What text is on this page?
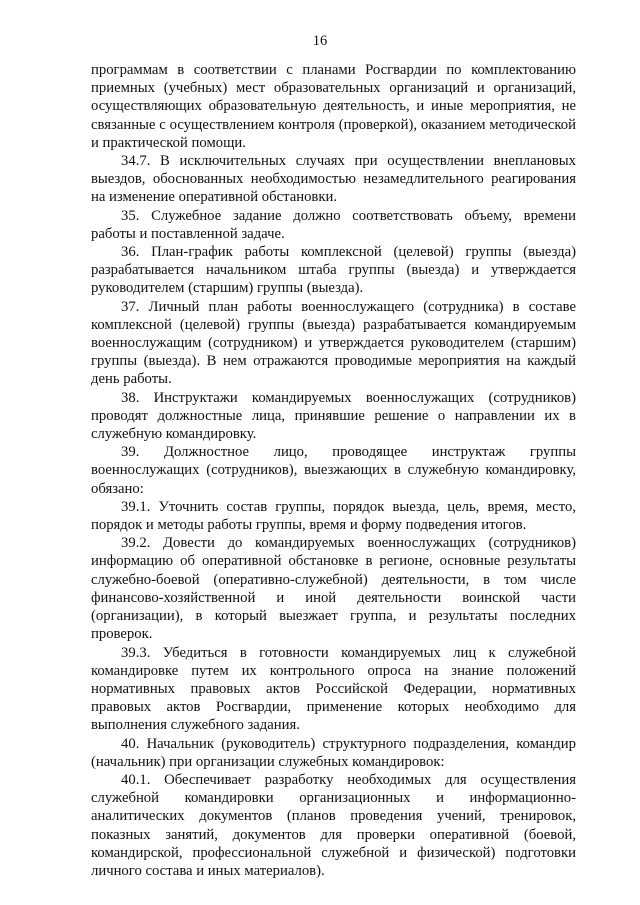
16

программам в соответствии с планами Росгвардии по комплектованию приемных (учебных) мест образовательных организаций и организаций, осуществляющих образовательную деятельность, и иные мероприятия, не связанные с осуществлением контроля (проверкой), оказанием методической и практической помощи.

34.7. В исключительных случаях при осуществлении внеплановых выездов, обоснованных необходимостью незамедлительного реагирования на изменение оперативной обстановки.

35. Служебное задание должно соответствовать объему, времени работы и поставленной задаче.

36. План-график работы комплексной (целевой) группы (выезда) разрабатывается начальником штаба группы (выезда) и утверждается руководителем (старшим) группы (выезда).

37. Личный план работы военнослужащего (сотрудника) в составе комплексной (целевой) группы (выезда) разрабатывается командируемым военнослужащим (сотрудником) и утверждается руководителем (старшим) группы (выезда). В нем отражаются проводимые мероприятия на каждый день работы.

38. Инструктажи командируемых военнослужащих (сотрудников) проводят должностные лица, принявшие решение о направлении их в служебную командировку.

39. Должностное лицо, проводящее инструктаж группы военнослужащих (сотрудников), выезжающих в служебную командировку, обязано:

39.1. Уточнить состав группы, порядок выезда, цель, время, место, порядок и методы работы группы, время и форму подведения итогов.

39.2. Довести до командируемых военнослужащих (сотрудников) информацию об оперативной обстановке в регионе, основные результаты служебно-боевой (оперативно-служебной) деятельности, в том числе финансово-хозяйственной и иной деятельности воинской части (организации), в который выезжает группа, и результаты последних проверок.

39.3. Убедиться в готовности командируемых лиц к служебной командировке путем их контрольного опроса на знание положений нормативных правовых актов Российской Федерации, нормативных правовых актов Росгвардии, применение которых необходимо для выполнения служебного задания.

40. Начальник (руководитель) структурного подразделения, командир (начальник) при организации служебных командировок:

40.1. Обеспечивает разработку необходимых для осуществления служебной командировки организационных и информационно-аналитических документов (планов проведения учений, тренировок, показных занятий, документов для проверки оперативной (боевой, командирской, профессиональной служебной и физической) подготовки личного состава и иных материалов).
